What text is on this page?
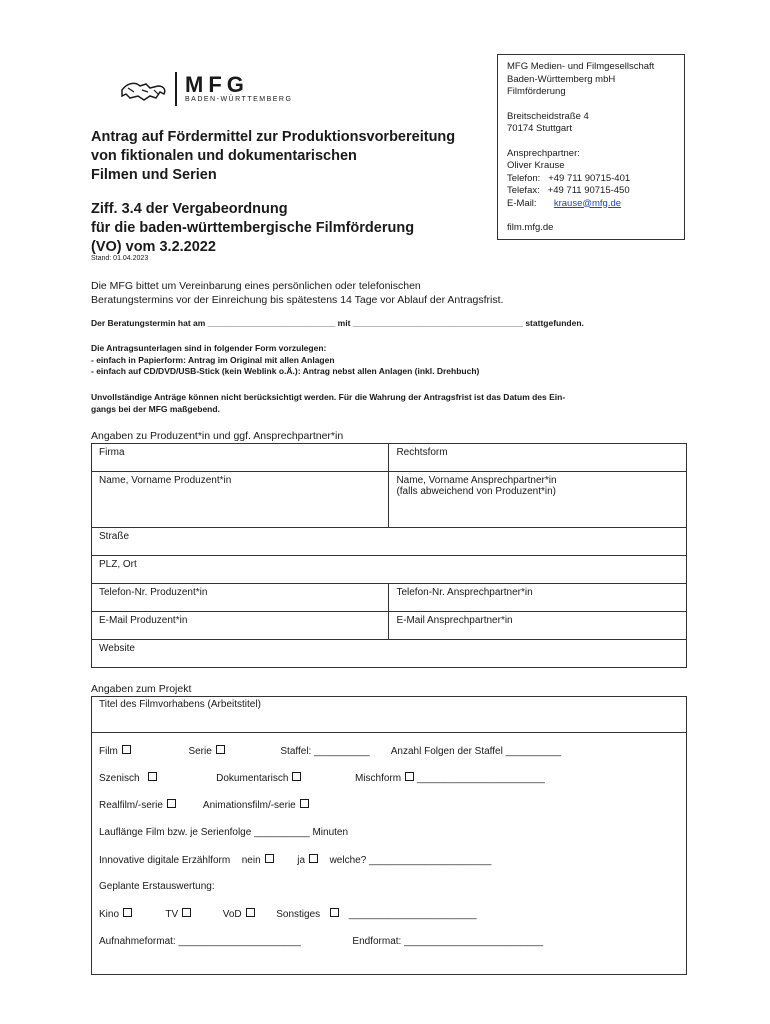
MFG
BADEN-WÜRTTEMBERG
MFG Medien- und Filmgesellschaft
Baden-Württemberg mbH
Filmförderung
Breitscheidstraße 4
70174 Stuttgart
Ansprechpartner:
Oliver Krause
Telefon:   +49 711 90715-401
Telefax:   +49 711 90715-450
E-Mail: krause@mfg.de
film.mfg.de
Antrag auf Fördermittel zur Produktionsvorbereitung
von fiktionalen und dokumentarischen
Filmen und Serien
Ziff. 3.4 der Vergabeordnung
für die baden-württembergische Filmförderung
(VO) vom 3.2.2022
Stand: 01.04.2023
Die MFG bittet um Vereinbarung eines persönlichen oder telefonischen
Beratungstermins vor der Einreichung bis spätestens 14 Tage vor Ablauf der Antragsfrist.
Der Beratungstermin hat am ___________________________ mit ____________________________________ stattgefunden.
Die Antragsunterlagen sind in folgender Form vorzulegen:
- einfach in Papierform: Antrag im Original mit allen Anlagen
- einfach auf CD/DVD/USB-Stick (kein Weblink o.Ä.): Antrag nebst allen Anlagen (inkl. Drehbuch)
Unvollständige Anträge können nicht berücksichtigt werden. Für die Wahrung der Antragsfrist ist das Datum des Ein-
gangs bei der MFG maßgebend.
Angaben zu Produzent*in und ggf. Ansprechpartner*in
Firma	Rechtsform
Name, Vorname Produzent*in	Name, Vorname Ansprechpartner*in
(falls abweichend von Produzent*in)

Straße	
PLZ, Ort	
Telefon-Nr. Produzent*in	Telefon-Nr. Ansprechpartner*in
E-Mail Produzent*in	E-Mail Ansprechpartner*in
Website	
Angaben zum Projekt
Titel des Filmvorhabens (Arbeitstitel)
Film	Serie	Staffel: __________ Anzahl Folgen der Staffel __________
Szenisch	Dokumentarisch	Mischform _______________________
Realfilm/-serie	Animationsfilm/-serie
Lauflänge Film bzw. je Serienfolge __________ Minuten
Innovative digitale Erzählform nein	ja welche? ______________________
Geplante Erstauswertung:
Kino	TV	VoD	Sonstiges	_______________________
Aufnahmeformat: ______________________	Endformat: _________________________
